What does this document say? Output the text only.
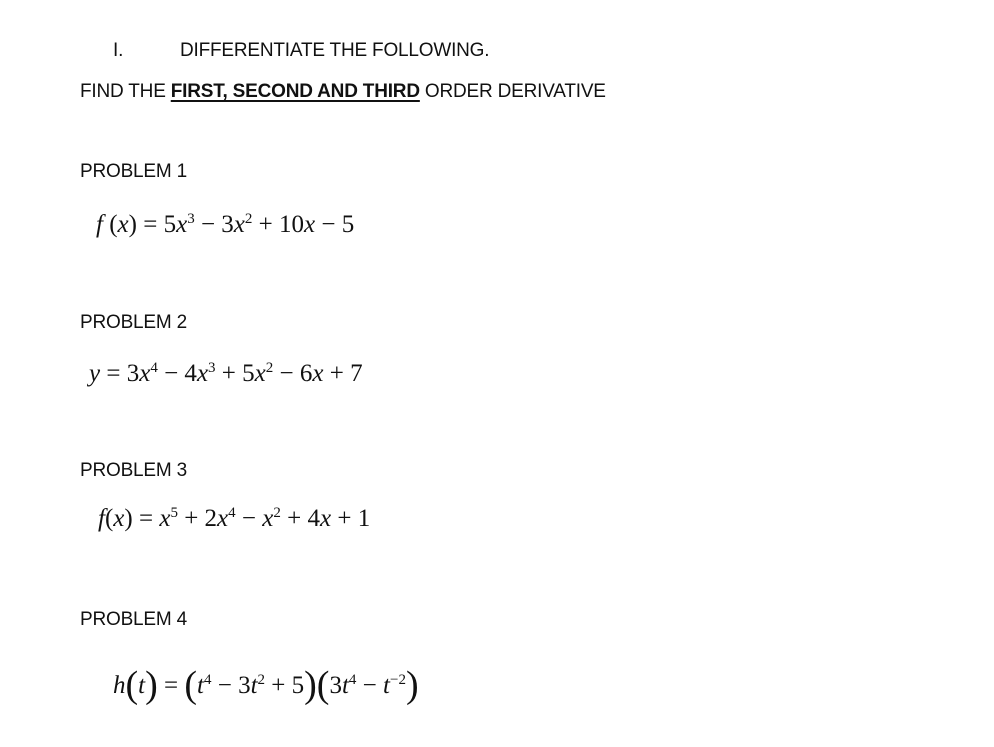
I.	DIFFERENTIATE THE FOLLOWING.
FIND THE FIRST, SECOND AND THIRD ORDER DERIVATIVE
PROBLEM 1
f $(x) = 5x^3 - 3x^2 + 10x - 5$
PROBLEM 2
$y = 3x^4 - 4x^3 + 5x^2 - 6x + 7$
PROBLEM 3
$f(x) = x^5 + 2x^4 - x^2 + 4x + 1$
PROBLEM 4
$h(t) = (t^4 - 3t^2 + 5)(3t^4 - t^{-2})$
